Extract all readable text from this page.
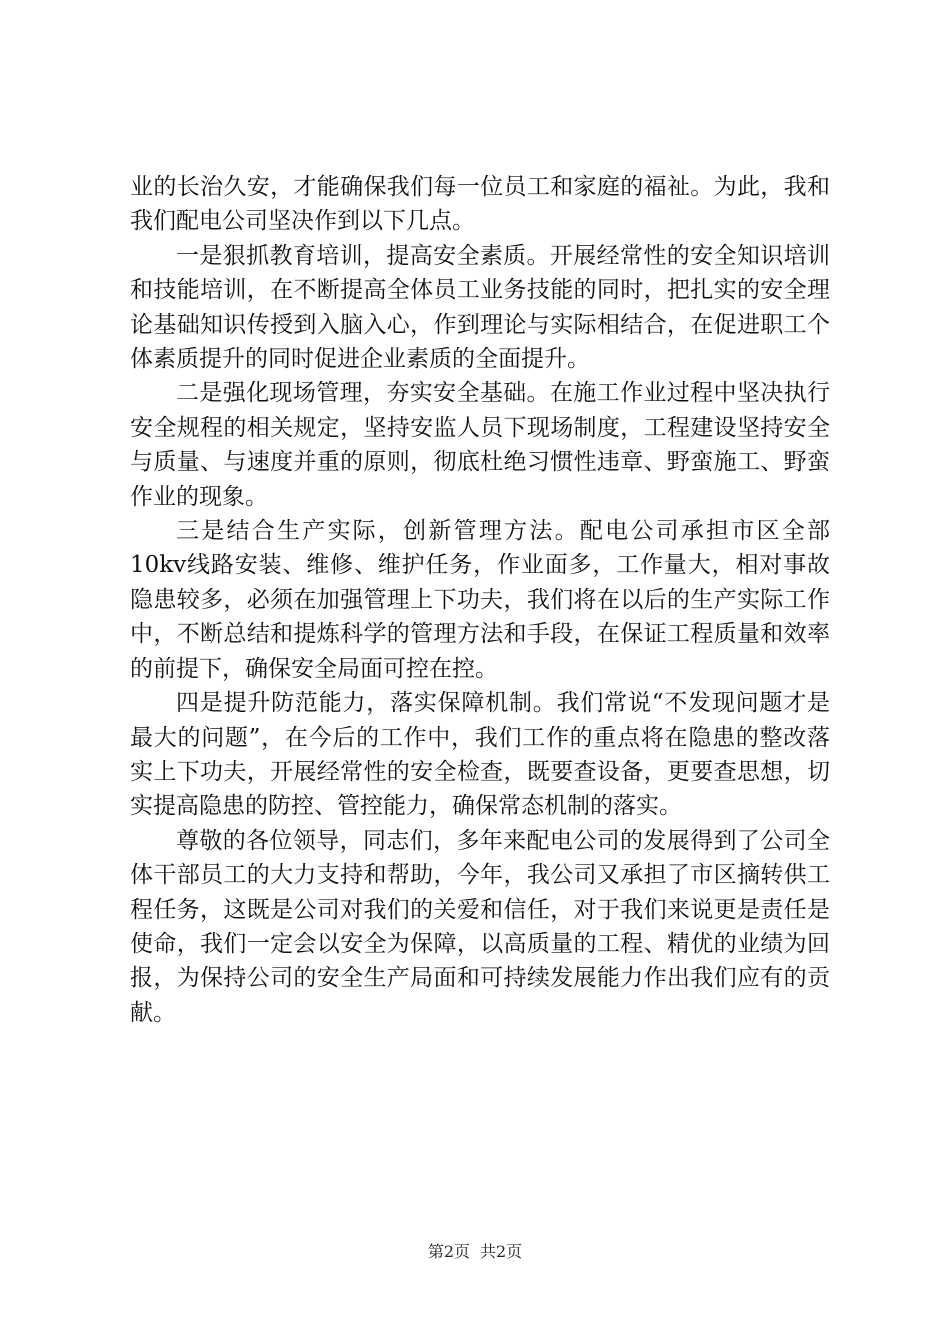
业的长治久安，才能确保我们每一位员工和家庭的福祉。为此，我和我们配电公司坚决作到以下几点。

一是狠抓教育培训，提高安全素质。开展经常性的安全知识培训和技能培训，在不断提高全体员工业务技能的同时，把扎实的安全理论基础知识传授到入脑入心，作到理论与实际相结合，在促进职工个体素质提升的同时促进企业素质的全面提升。

二是强化现场管理，夯实安全基础。在施工作业过程中坚决执行安全规程的相关规定，坚持安监人员下现场制度，工程建设坚持安全与质量、与速度并重的原则，彻底杜绝习惯性违章、野蛮施工、野蛮作业的现象。

三是结合生产实际，创新管理方法。配电公司承担市区全部10kv线路安装、维修、维护任务，作业面多，工作量大，相对事故隐患较多，必须在加强管理上下功夫，我们将在以后的生产实际工作中，不断总结和提炼科学的管理方法和手段，在保证工程质量和效率的前提下，确保安全局面可控在控。

四是提升防范能力，落实保障机制。我们常说“不发现问题才是最大的问题”，在今后的工作中，我们工作的重点将在隐患的整改落实上下功夫，开展经常性的安全检查，既要查设备，更要查思想，切实提高隐患的防控、管控能力，确保常态机制的落实。

尊敬的各位领导，同志们，多年来配电公司的发展得到了公司全体干部员工的大力支持和帮助，今年，我公司又承担了市区摘转供工程任务，这既是公司对我们的关爱和信任，对于我们来说更是责任是使命，我们一定会以安全为保障，以高质量的工程、精优的业绩为回报，为保持公司的安全生产局面和可持续发展能力作出我们应有的贡献。

第2页 共2页
